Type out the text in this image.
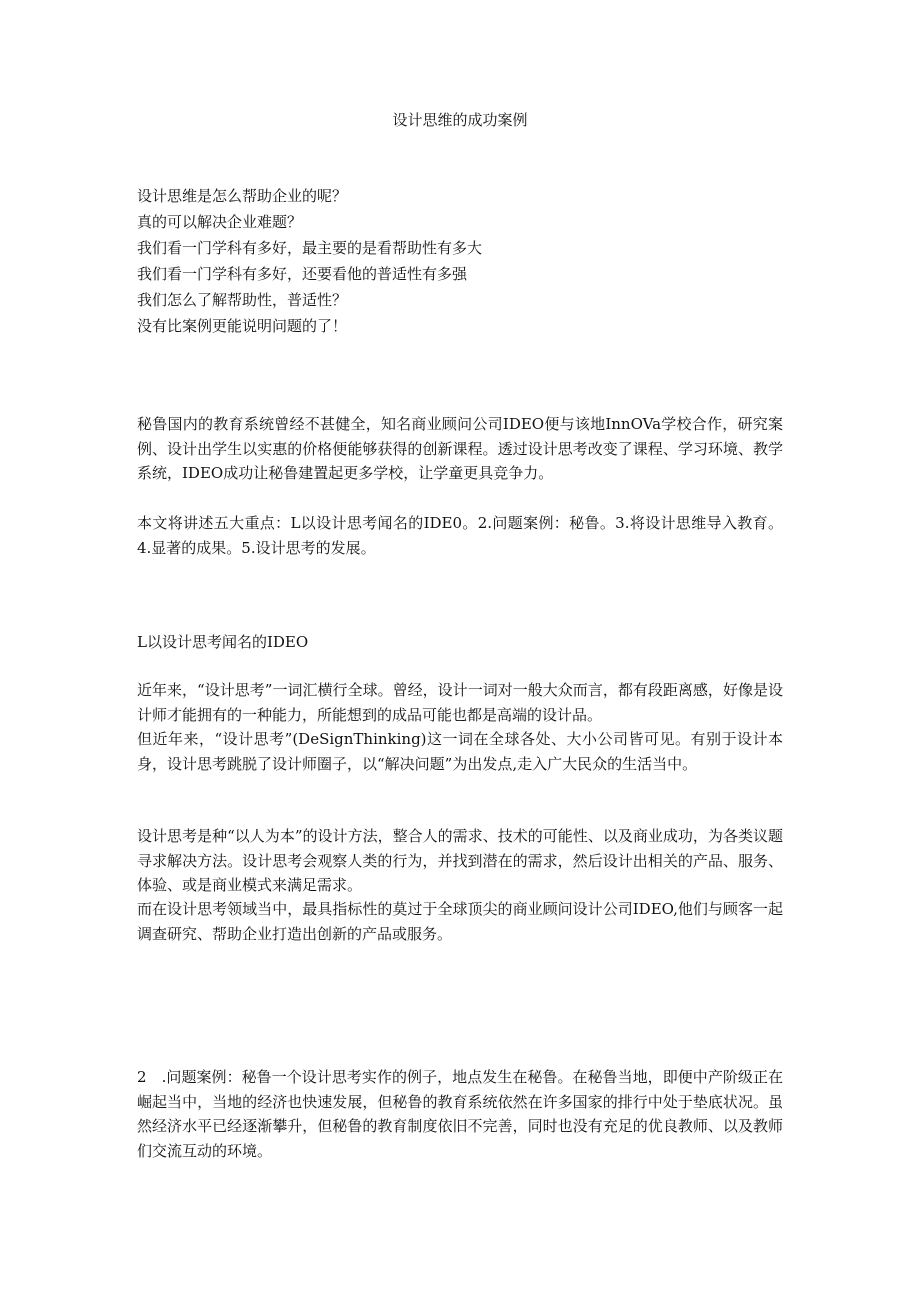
设计思维的成功案例
设计思维是怎么帮助企业的呢？
真的可以解决企业难题？
我们看一门学科有多好，最主要的是看帮助性有多大
我们看一门学科有多好，还要看他的普适性有多强
我们怎么了解帮助性，普适性？
没有比案例更能说明问题的了！

秘鲁国内的教育系统曾经不甚健全，知名商业顾问公司IDEO便与该地InnOVa学校合作，研究案例、设计出学生以实惠的价格便能够获得的创新课程。透过设计思考改变了课程、学习环境、教学系统，IDEO成功让秘鲁建置起更多学校，让学童更具竞争力。

本文将讲述五大重点：L以设计思考闻名的IDE0。2.问题案例：秘鲁。3.将设计思维导入教育。4.显著的成果。5.设计思考的发展。

L以设计思考闻名的IDEO

近年来，“设计思考”一词汇横行全球。曾经，设计一词对一般大众而言，都有段距离感，好像是设计师才能拥有的一种能力，所能想到的成品可能也都是高端的设计品。

但近年来，“设计思考”(DeSignThinking)这一词在全球各处、大小公司皆可见。有别于设计本身，设计思考跳脱了设计师圈子，以“解决问题”为出发点,走入广大民众的生活当中。

设计思考是种“以人为本”的设计方法，整合人的需求、技术的可能性、以及商业成功，为各类议题寻求解决方法。设计思考会观察人类的行为，并找到潜在的需求，然后设计出相关的产品、服务、体验、或是商业模式来满足需求。

而在设计思考领域当中，最具指标性的莫过于全球顶尖的商业顾问设计公司IDEO,他们与顾客一起调查研究、帮助企业打造出创新的产品或服务。

2　.问题案例：秘鲁一个设计思考实作的例子，地点发生在秘鲁。在秘鲁当地，即便中产阶级正在崛起当中，当地的经济也快速发展，但秘鲁的教育系统依然在许多国家的排行中处于垫底状况。虽然经济水平已经逐渐攀升，但秘鲁的教育制度依旧不完善，同时也没有充足的优良教师、以及教师们交流互动的环境。
